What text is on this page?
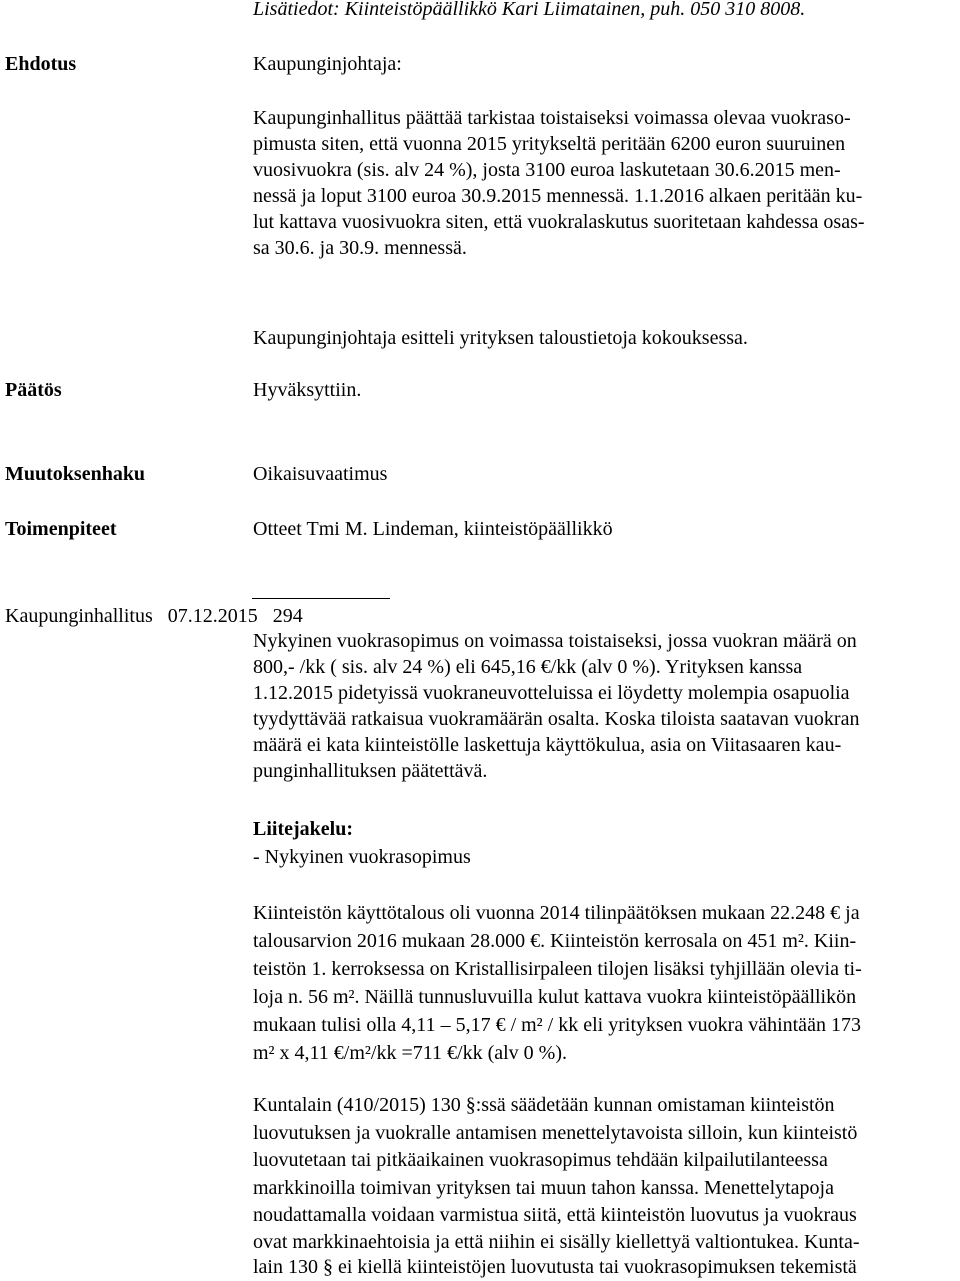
Lisätiedot: Kiinteistöpäällikkö Kari Liimatainen, puh. 050 310 8008.
Ehdotus	Kaupunginjohtaja:
Kaupunginhallitus päättää tarkistaa toistaiseksi voimassa olevaa vuokraso-
pimusta siten, että vuonna 2015 yritykseltä peritään 6200 euron suuruinen
vuosivuokra (sis. alv 24 %), josta 3100 euroa laskutetaan 30.6.2015 men-
nessä ja loput 3100 euroa 30.9.2015 mennessä. 1.1.2016 alkaen peritään ku-
lut kattava vuosivuokra siten, että vuokralaskutus suoritetaan kahdessa osas-
sa 30.6. ja 30.9. mennessä.
Kaupunginjohtaja esitteli yrityksen taloustietoja kokouksessa.
Päätös	Hyväksyttiin.
Muutoksenhaku	Oikaisuvaatimus
Toimenpiteet	Otteet Tmi M. Lindeman, kiinteistöpäällikkö
Kaupunginhallitus   07.12.2015   294
Nykyinen vuokrasopimus on voimassa toistaiseksi, jossa vuokran määrä on
800,- /kk ( sis. alv 24 %) eli 645,16 €/kk (alv 0 %). Yrityksen kanssa
1.12.2015 pidetyissä vuokraneuvotteluissa ei löydetty molempia osapuolia
tyydyttävää ratkaisua vuokramäärän osalta. Koska tiloista saatavan vuokran
määrä ei kata kiinteistölle laskettuja käyttökulua, asia on Viitasaaren kau-
punginhallituksen päätettävä.
Liitejakelu:
- Nykyinen vuokrasopimus
Kiinteistön käyttötalous oli vuonna 2014 tilinpäätöksen mukaan 22.248 € ja
talousarvion 2016 mukaan 28.000 €. Kiinteistön kerrosala on 451 m². Kiin-
teistön 1. kerroksessa on Kristallisirpaleen tilojen lisäksi tyhjillään olevia ti-
loja n. 56 m². Näillä tunnusluvuilla kulut kattava vuokra kiinteistöpäällikön
mukaan tulisi olla 4,11 – 5,17 € / m² / kk eli yrityksen vuokra vähintään 173
m² x 4,11 €/m²/kk =711 €/kk (alv 0 %).
Kuntalain (410/2015) 130 §:ssä säädetään kunnan omistaman kiinteistön
luovutuksen ja vuokralle antamisen menettelytavoista silloin, kun kiinteistö
luovutetaan tai pitkäaikainen vuokrasopimus tehdään kilpailutilanteessa
markkinoilla toimivan yrityksen tai muun tahon kanssa. Menettelytapoja
noudattamalla voidaan varmistua siitä, että kiinteistön luovutus ja vuokraus
ovat markkinaehtoisia ja että niihin ei sisälly kiellettyä valtiontukea. Kunta-
lain 130 § ei kiellä kiinteistöjen luovutusta tai vuokrasopimuksen tekemistä
